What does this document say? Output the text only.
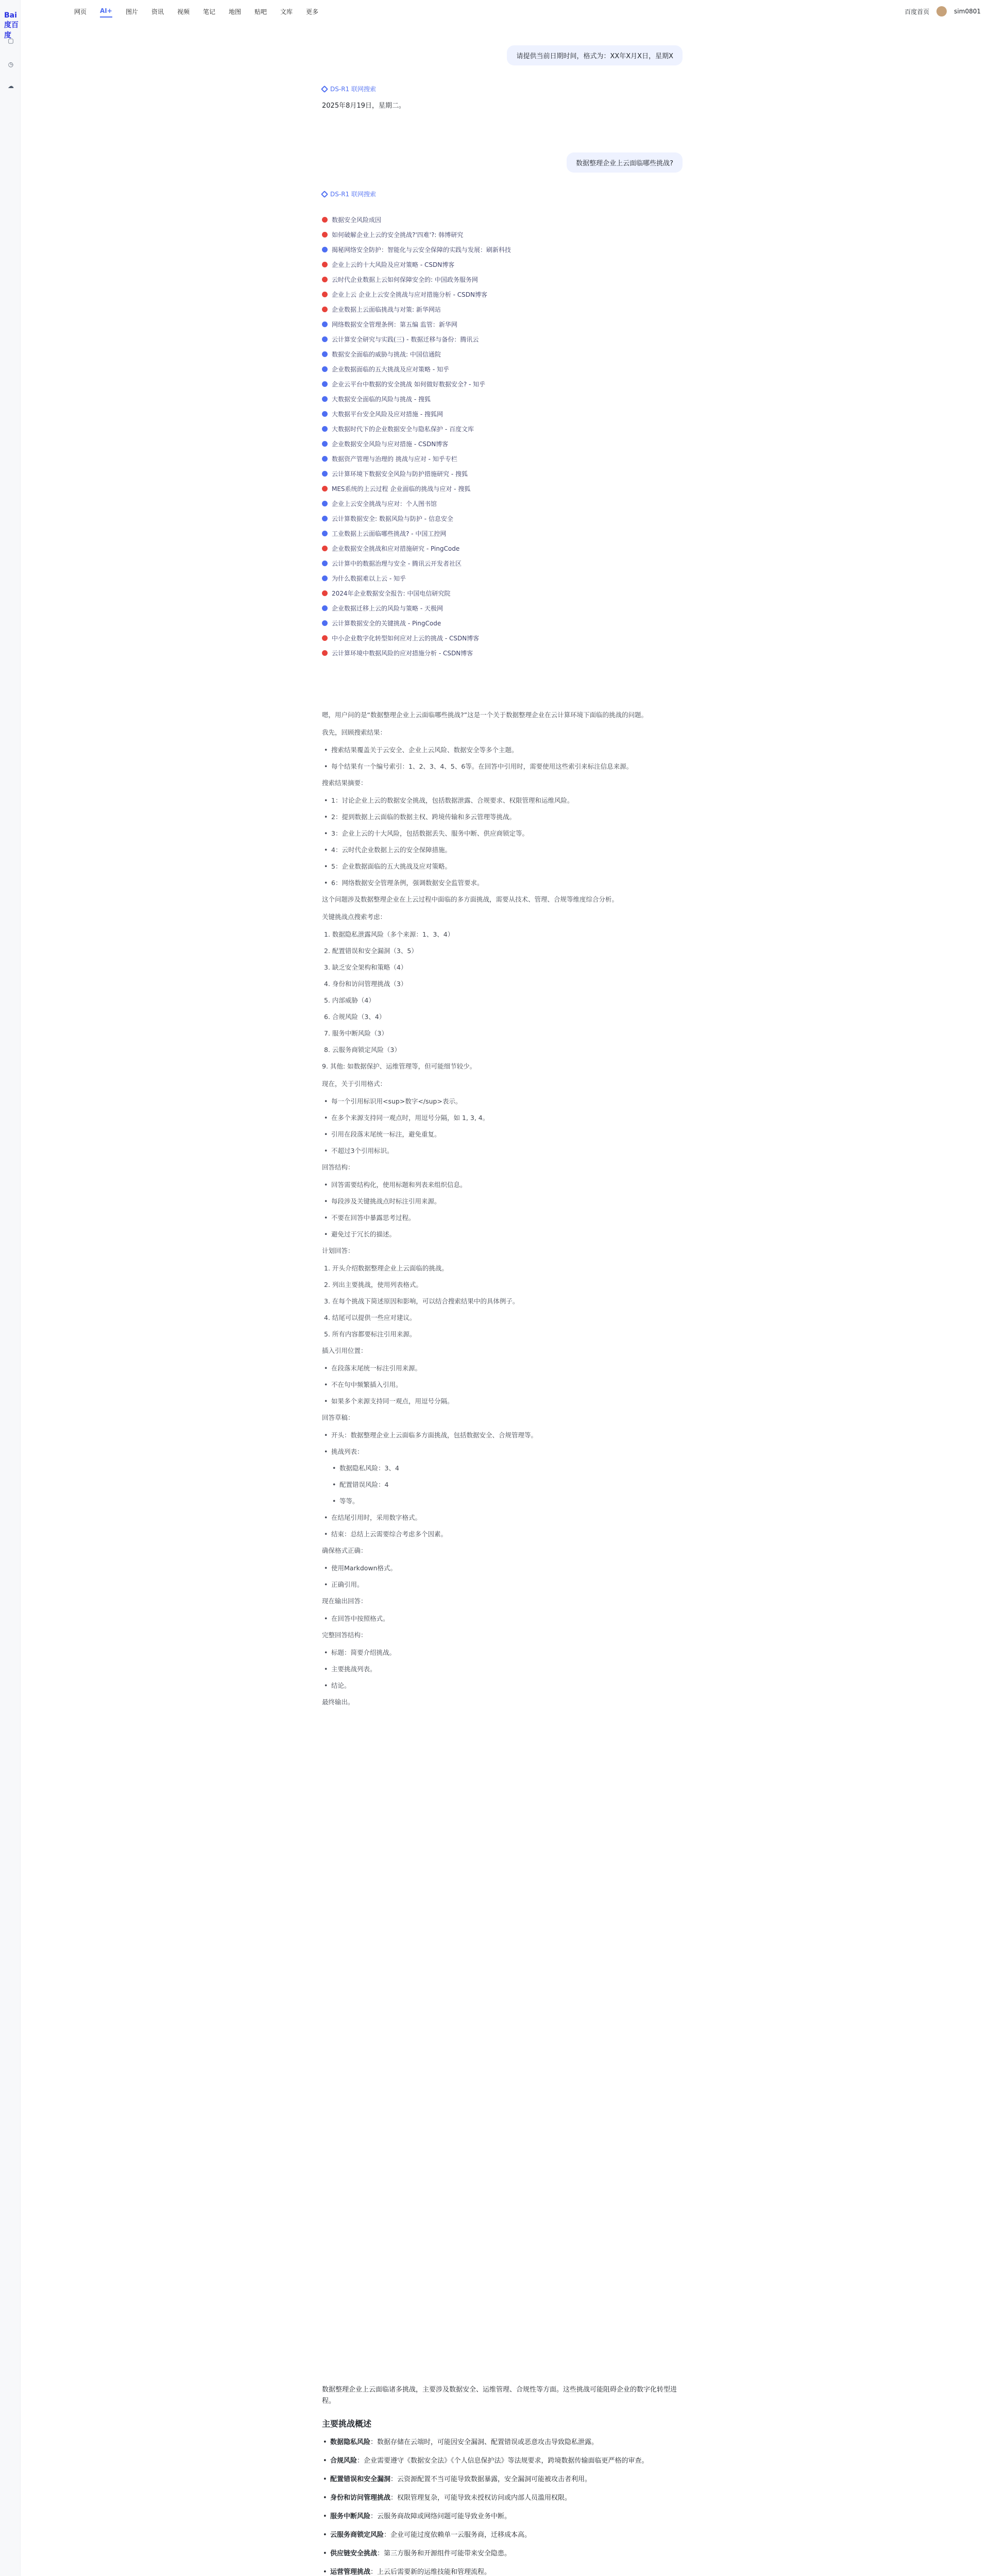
Bai度百度
▢
◷
☁
网页 AI+ 图片 资讯 视频 笔记 地图 贴吧 文库 更多	百度首页	sim0801
请提供当前日期时间，格式为：XX年X月X日，星期X
DS-R1 联网搜索
2025年8月19日，星期二。
数据整理企业上云面临哪些挑战?
DS-R1 联网搜索
数据安全风险成因
如何破解企业上云的安全挑战?'四难'?: 韩博研究
揭秘网络安全防护：智能化与云安全保障的实践与发展：刷新科技
企业上云的十大风险及应对策略 - CSDN博客
云时代企业数据上云如何保障安全的: 中国政务服务网
企业上云 企业上云安全挑战与应对措施分析 - CSDN博客
企业数据上云面临挑战与对策: 新华网站
网络数据安全管理条例：第五编 监管：新华网
云计算安全研究与实践(三) - 数据迁移与备份：腾讯云
数据安全面临的威胁与挑战: 中国信通院
企业数据面临的五大挑战及应对策略 - 知乎
企业云平台中数据的安全挑战 如何做好数据安全? - 知乎
大数据安全面临的风险与挑战 - 搜狐
大数据平台安全风险及应对措施 - 搜狐网
大数据时代下的企业数据安全与隐私保护 - 百度文库
企业数据安全风险与应对措施 - CSDN博客
数据资产管理与治理的 挑战与应对 - 知乎专栏
云计算环境下数据安全风险与防护措施研究 - 搜狐
MES系统的上云过程 企业面临的挑战与应对 - 搜狐
企业上云安全挑战与应对：个人图书馆
云计算数据安全: 数据风险与防护 - 信息安全
工业数据上云面临哪些挑战? - 中国工控网
企业数据安全挑战和应对措施研究 - PingCode
云计算中的数据治理与安全 - 腾讯云开发者社区
为什么数据难以上云 - 知乎
2024年企业数据安全报告: 中国电信研究院
企业数据迁移上云的风险与策略 - 天极网
云计算数据安全的关键挑战 - PingCode
中小企业数字化转型如何应对上云的挑战 - CSDN博客
云计算环境中数据风险的应对措施分析 - CSDN博客

嗯，用户问的是“数据整理企业上云面临哪些挑战?”这是一个关于数据整理企业在云计算环境下面临的挑战的问题。

我先，回顾搜索结果：

• 搜索结果覆盖关于云安全、企业上云风险、数据安全等多个主题。
• 每个结果有一个编号索引：1、2、3、4、5、6等。在回答中引用时，需要使用这些索引来标注信息来源。

搜索结果摘要：

• 1：讨论企业上云的数据安全挑战，包括数据泄露、合规要求、权限管理和运维风险。
• 2：提到数据上云面临的数据主权、跨境传输和多云管理等挑战。
• 3：企业上云的十大风险，包括数据丢失、服务中断、供应商锁定等。
• 4：云时代企业数据上云的安全保障措施。
• 5：企业数据面临的五大挑战及应对策略。
• 6：网络数据安全管理条例，强调数据安全监管要求。

这个问题涉及数据整理企业在上云过程中面临的多方面挑战，需要从技术、管理、合规等维度综合分析。

关键挑战点搜索考虑：

1. 数据隐私泄露风险（多个来源：1、3、4）
2. 配置错误和安全漏洞（3、5）
3. 缺乏安全架构和策略（4）
4. 身份和访问管理挑战（3）
5. 内部威胁（4）
6. 合规风险（3、4）
7. 服务中断风险（3）
8. 云服务商锁定风险（3）

9. 其他: 如数据保护、运维管理等，但可能细节较少。

现在，关于引用格式：

• 每一个引用标识用<sup>数字</sup>表示。
• 在多个来源支持同一观点时，用逗号分隔，如 1, 3, 4。
• 引用在段落末尾统一标注，避免重复。
• 不超过3个引用标识。

回答结构：

• 回答需要结构化，使用标题和列表来组织信息。
• 每段涉及关键挑战点时标注引用来源。
• 不要在回答中暴露思考过程。
• 避免过于冗长的描述。

计划回答：

1. 开头介绍数据整理企业上云面临的挑战。
2. 列出主要挑战，使用列表格式。
3. 在每个挑战下简述原因和影响，可以结合搜索结果中的具体例子。
4. 结尾可以提供一些应对建议。
5. 所有内容都要标注引用来源。

插入引用位置：

• 在段落末尾统一标注引用来源。
• 不在句中频繁插入引用。
• 如果多个来源支持同一观点，用逗号分隔。

回答草稿：

• 开头：数据整理企业上云面临多方面挑战，包括数据安全、合规管理等。
• 挑战列表：
• 数据隐私风险：3、4
• 配置错误风险：4
• 等等。
• 在结尾引用时，采用数字格式。
• 结束：总结上云需要综合考虑多个因素。

确保格式正确：

• 使用Markdown格式。
• 正确引用。

现在输出回答：

• 在回答中按照格式。

完整回答结构：

• 标题：简要介绍挑战。
• 主要挑战列表。
• 结论。

最终输出。

数据整理企业上云面临诸多挑战，主要涉及数据安全、运维管理、合规性等方面。这些挑战可能阻碍企业的数字化转型进程。

主要挑战概述
• 数据隐私风险：数据存储在云端时，可能因安全漏洞、配置错误或恶意攻击导致隐私泄露。
• 合规风险：企业需要遵守《数据安全法》《个人信息保护法》等法规要求，跨境数据传输面临更严格的审查。
• 配置错误和安全漏洞：云资源配置不当可能导致数据暴露，安全漏洞可能被攻击者利用。
• 身份和访问管理挑战：权限管理复杂，可能导致未授权访问或内部人员滥用权限。
• 服务中断风险：云服务商故障或网络问题可能导致业务中断。
• 云服务商锁定风险：企业可能过度依赖单一云服务商，迁移成本高。
• 供应链安全挑战：第三方服务和开源组件可能带来安全隐患。
• 运营管理挑战：上云后需要新的运维技能和管理流程。
